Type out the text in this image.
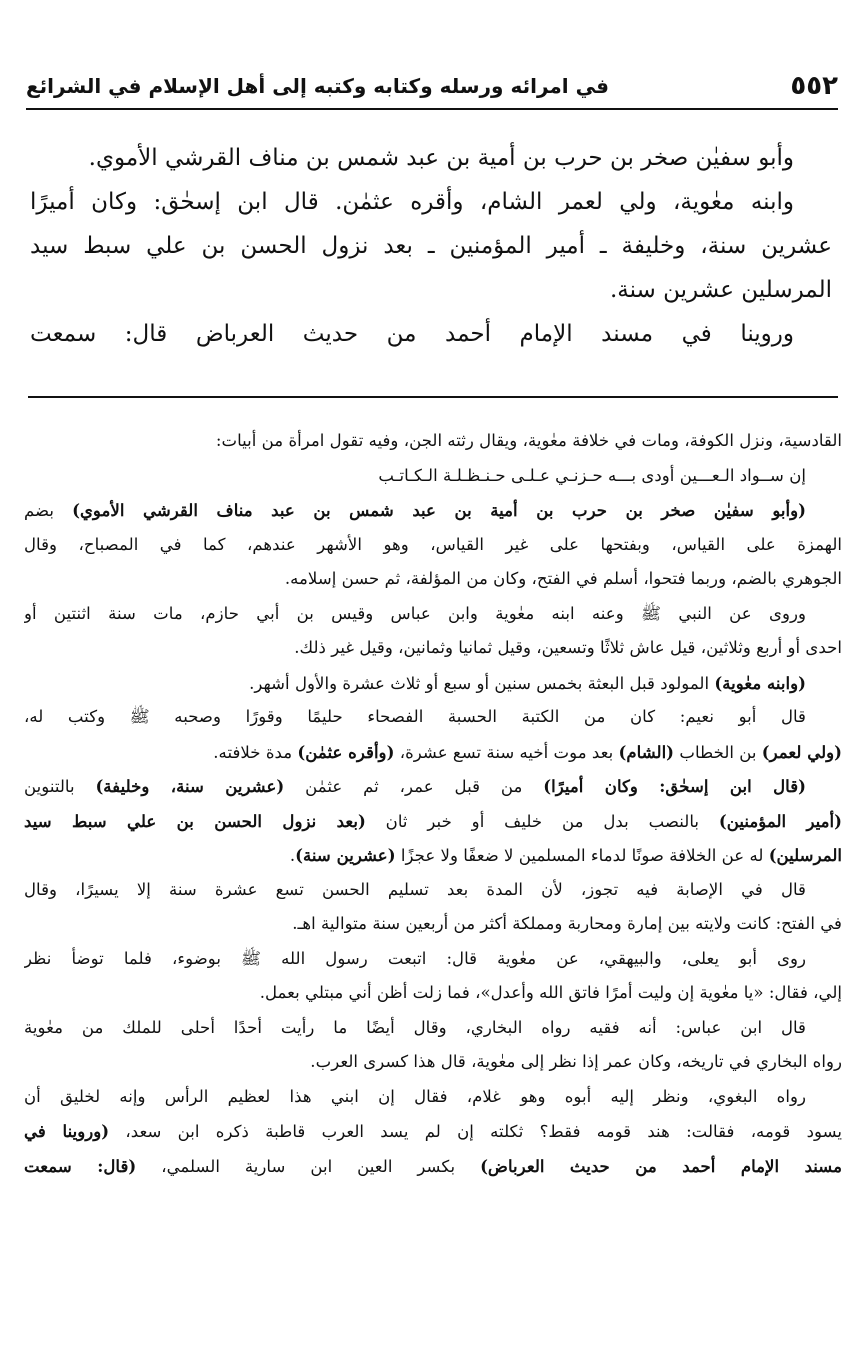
٥٥٢
في امرائه ورسله وكتابه وكتبه إلى أهل الإسلام في الشرائع
وأبو سفيٰن صخر بن حرب بن أمية بن عبد شمس بن مناف القرشي الأموي.
وابنه معٰوية، ولي لعمر الشام، وأقره عثمٰن. قال ابن إسحٰق: وكان أميرًا
عشرين سنة، وخليفة ـ أمير المؤمنين ـ بعد نزول الحسن بن علي سبط سيد
المرسلين عشرين سنة.
وروينا في مسند الإمام أحمد من حديث العرباض قال: سمعت
القادسية، ونزل الكوفة، ومات في خلافة معٰوية، ويقال رثته الجن، وفيه تقول امرأة من أبيات:
إن ســواد الـعـــين أودى بـــه حـزنـي عـلـى حـنـظـلـة الـكـاتـب
(وأبو سفيٰن صخر بن حرب بن أمية بن عبد شمس بن عبد مناف القرشي الأموي) بضم
الهمزة على القياس، وبفتحها على غير القياس، وهو الأشهر عندهم، كما في المصباح، وقال
الجوهري بالضم، وربما فتحوا، أسلم في الفتح، وكان من المؤلفة، ثم حسن إسلامه.
وروى عن النبي ﷺ وعنه ابنه معٰوية وابن عباس وقيس بن أبي حازم، مات سنة اثنتين أو
احدى أو أربع وثلاثين، قيل عاش ثلاثًا وتسعين، وقيل ثمانيا وثمانين، وقيل غير ذلك.
(وابنه معٰوية) المولود قبل البعثة بخمس سنين أو سبع أو ثلاث عشرة والأول أشهر.
قال أبو نعيم: كان من الكتبة الحسبة الفصحاء حليمًا وقورًا وصحبه ﷺ وكتب له،
(ولي لعمر) بن الخطاب (الشام) بعد موت أخيه سنة تسع عشرة، (وأقره عثمٰن) مدة خلافته.
(قال ابن إسحٰق: وكان أميرًا) من قبل عمر، ثم عثمٰن (عشرين سنة، وخليفة) بالتنوين
(أمير المؤمنين) بالنصب بدل من خليف أو خبر ثان (بعد نزول الحسن بن علي سبط سيد
المرسلين) له عن الخلافة صونًا لدماء المسلمين لا ضعفًا ولا عجزًا (عشرين سنة).
قال في الإصابة فيه تجوز، لأن المدة بعد تسليم الحسن تسع عشرة سنة إلا يسيرًا، وقال
في الفتح: كانت ولايته بين إمارة ومحاربة ومملكة أكثر من أربعين سنة متوالية اهـ.
روى أبو يعلى، والبيهقي، عن معٰوية قال: اتبعت رسول الله ﷺ بوضوء، فلما توضأ نظر
إلي، فقال: «يا معٰوية إن وليت أمرًا فاتق الله وأعدل»، فما زلت أظن أني مبتلي بعمل.
قال ابن عباس: أنه فقيه رواه البخاري، وقال أيضًا ما رأيت أحدًا أحلى للملك من معٰوية
رواه البخاري في تاريخه، وكان عمر إذا نظر إلى معٰوية، قال هذا كسرى العرب.
رواه البغوي، ونظر إليه أبوه وهو غلام، فقال إن ابني هذا لعظيم الرأس وإنه لخليق أن
يسود قومه، فقالت: هند قومه فقط؟ ثكلته إن لم يسد العرب قاطبة ذكره ابن سعد، (وروينا في
مسند الإمام أحمد من حديث العرباض) بكسر العين ابن سارية السلمي، (قال: سمعت
